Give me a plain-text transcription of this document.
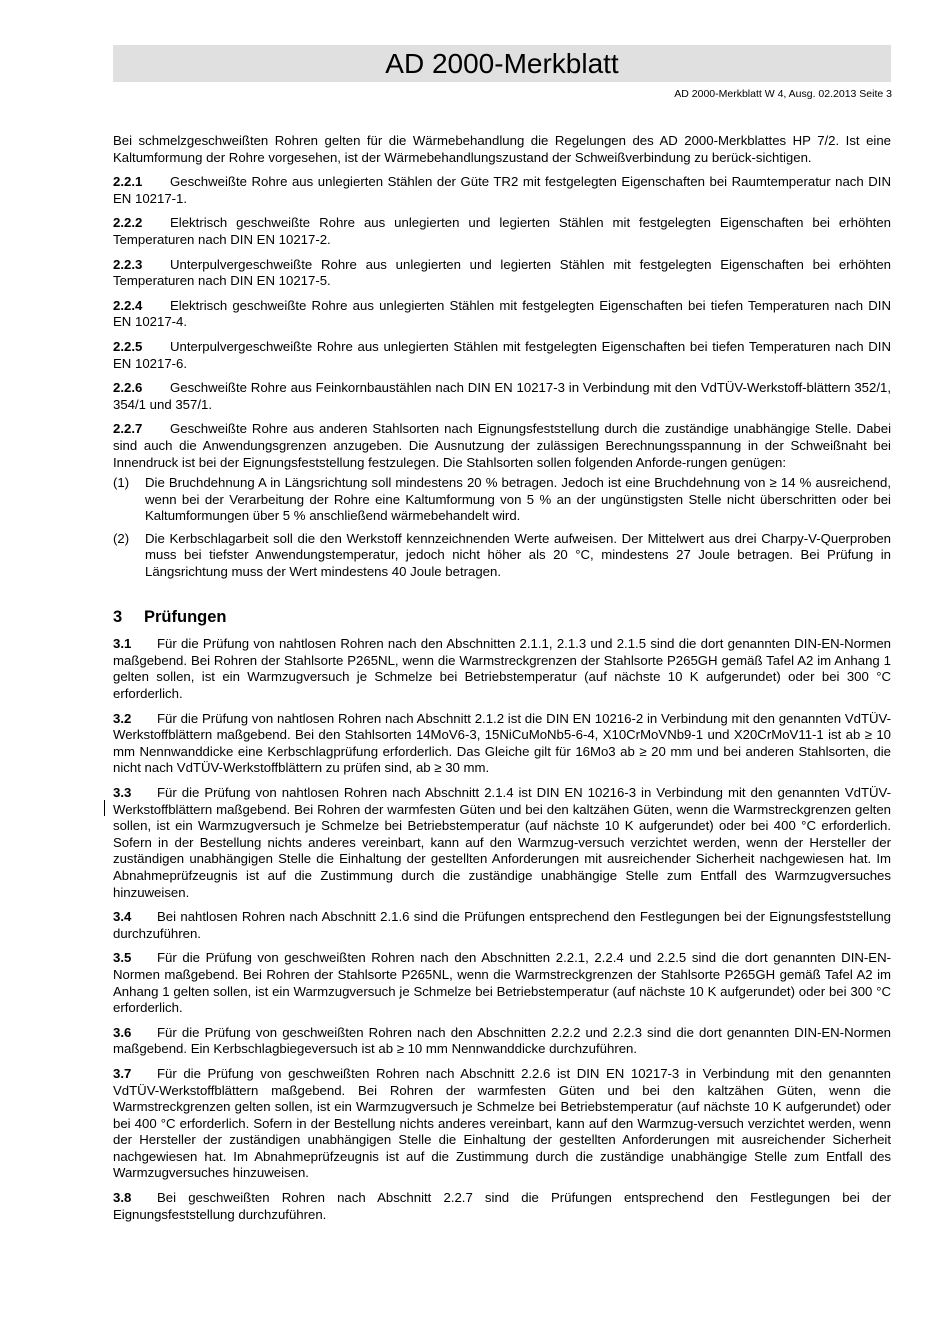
AD 2000-Merkblatt
AD 2000-Merkblatt W 4, Ausg. 02.2013 Seite 3

Bei schmelzgeschweißten Rohren gelten für die Wärmebehandlung die Regelungen des AD 2000-Merkblattes HP 7/2. Ist eine Kaltumformung der Rohre vorgesehen, ist der Wärmebehandlungszustand der Schweißverbindung zu berück-sichtigen.

2.2.1 Geschweißte Rohre aus unlegierten Stählen der Güte TR2 mit festgelegten Eigenschaften bei Raumtemperatur nach DIN EN 10217-1.

2.2.2 Elektrisch geschweißte Rohre aus unlegierten und legierten Stählen mit festgelegten Eigenschaften bei erhöhten Temperaturen nach DIN EN 10217-2.

2.2.3 Unterpulvergeschweißte Rohre aus unlegierten und legierten Stählen mit festgelegten Eigenschaften bei erhöhten Temperaturen nach DIN EN 10217-5.

2.2.4 Elektrisch geschweißte Rohre aus unlegierten Stählen mit festgelegten Eigenschaften bei tiefen Temperaturen nach DIN EN 10217-4.

2.2.5 Unterpulvergeschweißte Rohre aus unlegierten Stählen mit festgelegten Eigenschaften bei tiefen Temperaturen nach DIN EN 10217-6.

2.2.6 Geschweißte Rohre aus Feinkornbaustählen nach DIN EN 10217-3 in Verbindung mit den VdTÜV-Werkstoff-blättern 352/1, 354/1 und 357/1.

2.2.7 Geschweißte Rohre aus anderen Stahlsorten nach Eignungsfeststellung durch die zuständige unabhängige Stelle. Dabei sind auch die Anwendungsgrenzen anzugeben. Die Ausnutzung der zulässigen Berechnungsspannung in der Schweißnaht bei Innendruck ist bei der Eignungsfeststellung festzulegen. Die Stahlsorten sollen folgenden Anforde-rungen genügen:

(1) Die Bruchdehnung A in Längsrichtung soll mindestens 20 % betragen. Jedoch ist eine Bruchdehnung von ≥ 14 % ausreichend, wenn bei der Verarbeitung der Rohre eine Kaltumformung von 5 % an der ungünstigsten Stelle nicht überschritten oder bei Kaltumformungen über 5 % anschließend wärmebehandelt wird.
(2) Die Kerbschlagarbeit soll die den Werkstoff kennzeichnenden Werte aufweisen. Der Mittelwert aus drei Charpy-V-Querproben muss bei tiefster Anwendungstemperatur, jedoch nicht höher als 20 °C, mindestens 27 Joule betragen. Bei Prüfung in Längsrichtung muss der Wert mindestens 40 Joule betragen.
3 Prüfungen

3.1 Für die Prüfung von nahtlosen Rohren nach den Abschnitten 2.1.1, 2.1.3 und 2.1.5 sind die dort genannten DIN-EN-Normen maßgebend. Bei Rohren der Stahlsorte P265NL, wenn die Warmstreckgrenzen der Stahlsorte P265GH gemäß Tafel A2 im Anhang 1 gelten sollen, ist ein Warmzugversuch je Schmelze bei Betriebstemperatur (auf nächste 10 K aufgerundet) oder bei 300 °C erforderlich.

3.2 Für die Prüfung von nahtlosen Rohren nach Abschnitt 2.1.2 ist die DIN EN 10216-2 in Verbindung mit den genannten VdTÜV-Werkstoffblättern maßgebend. Bei den Stahlsorten 14MoV6-3, 15NiCuMoNb5-6-4, X10CrMoVNb9-1 und X20CrMoV11-1 ist ab ≥ 10 mm Nennwanddicke eine Kerbschlagprüfung erforderlich. Das Gleiche gilt für 16Mo3 ab ≥ 20 mm und bei anderen Stahlsorten, die nicht nach VdTÜV-Werkstoffblättern zu prüfen sind, ab ≥ 30 mm.

3.3 Für die Prüfung von nahtlosen Rohren nach Abschnitt 2.1.4 ist DIN EN 10216-3 in Verbindung mit den genannten VdTÜV-Werkstoffblättern maßgebend. Bei Rohren der warmfesten Güten und bei den kaltzähen Güten, wenn die Warmstreckgrenzen gelten sollen, ist ein Warmzugversuch je Schmelze bei Betriebstemperatur (auf nächste 10 K aufgerundet) oder bei 400 °C erforderlich. Sofern in der Bestellung nichts anderes vereinbart, kann auf den Warmzug-versuch verzichtet werden, wenn der Hersteller der zuständigen unabhängigen Stelle die Einhaltung der gestellten Anforderungen mit ausreichender Sicherheit nachgewiesen hat. Im Abnahmeprüfzeugnis ist auf die Zustimmung durch die zuständige unabhängige Stelle zum Entfall des Warmzugversuches hinzuweisen.

3.4 Bei nahtlosen Rohren nach Abschnitt 2.1.6 sind die Prüfungen entsprechend den Festlegungen bei der Eignungsfeststellung durchzuführen.

3.5 Für die Prüfung von geschweißten Rohren nach den Abschnitten 2.2.1, 2.2.4 und 2.2.5 sind die dort genannten DIN-EN-Normen maßgebend. Bei Rohren der Stahlsorte P265NL, wenn die Warmstreckgrenzen der Stahlsorte P265GH gemäß Tafel A2 im Anhang 1 gelten sollen, ist ein Warmzugversuch je Schmelze bei Betriebstemperatur (auf nächste 10 K aufgerundet) oder bei 300 °C erforderlich.

3.6 Für die Prüfung von geschweißten Rohren nach den Abschnitten 2.2.2 und 2.2.3 sind die dort genannten DIN-EN-Normen maßgebend. Ein Kerbschlagbiegeversuch ist ab ≥ 10 mm Nennwanddicke durchzuführen.

3.7 Für die Prüfung von geschweißten Rohren nach Abschnitt 2.2.6 ist DIN EN 10217-3 in Verbindung mit den genannten VdTÜV-Werkstoffblättern maßgebend. Bei Rohren der warmfesten Güten und bei den kaltzähen Güten, wenn die Warmstreckgrenzen gelten sollen, ist ein Warmzugversuch je Schmelze bei Betriebstemperatur (auf nächste 10 K aufgerundet) oder bei 400 °C erforderlich. Sofern in der Bestellung nichts anderes vereinbart, kann auf den Warmzug-versuch verzichtet werden, wenn der Hersteller der zuständigen unabhängigen Stelle die Einhaltung der gestellten Anforderungen mit ausreichender Sicherheit nachgewiesen hat. Im Abnahmeprüfzeugnis ist auf die Zustimmung durch die zuständige unabhängige Stelle zum Entfall des Warmzugversuches hinzuweisen.

3.8 Bei geschweißten Rohren nach Abschnitt 2.2.7 sind die Prüfungen entsprechend den Festlegungen bei der Eignungsfeststellung durchzuführen.
